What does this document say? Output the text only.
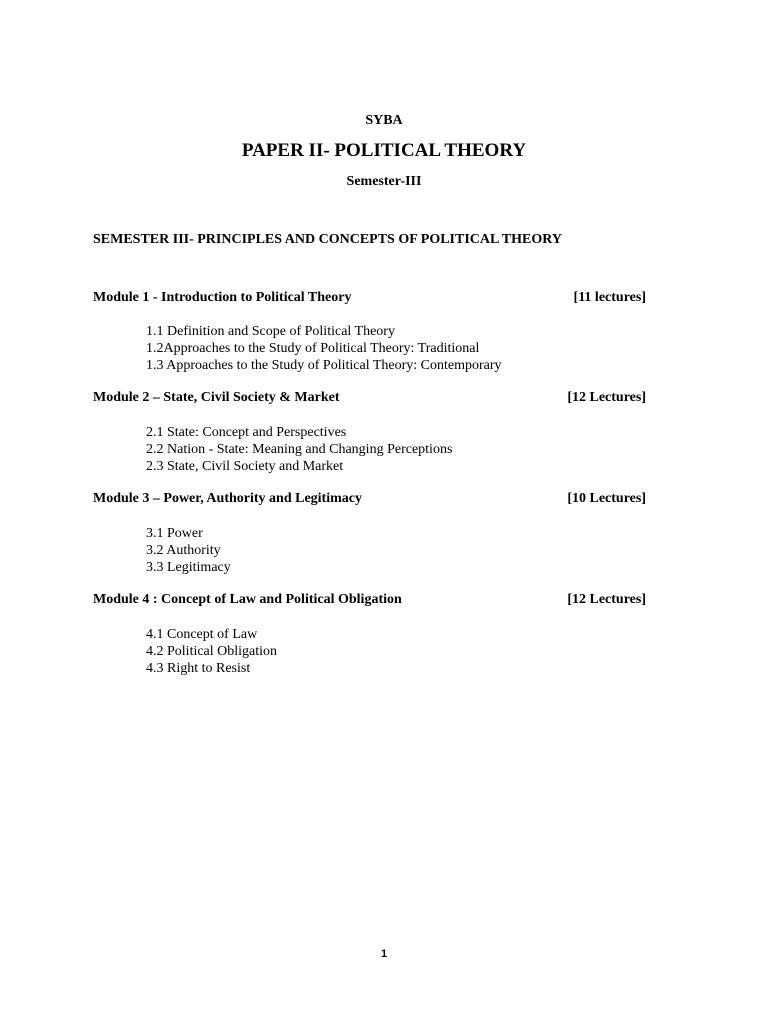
SYBA
PAPER II- POLITICAL THEORY
Semester-III
SEMESTER III- PRINCIPLES AND CONCEPTS OF POLITICAL THEORY
Module 1 - Introduction to Political Theory	[11 lectures]
1.1 Definition and Scope of Political Theory
1.2Approaches to the Study of Political Theory: Traditional
1.3 Approaches to the Study of Political Theory: Contemporary
Module 2 – State, Civil Society & Market	[12 Lectures]
2.1 State: Concept and Perspectives
2.2 Nation - State: Meaning and Changing Perceptions
2.3 State, Civil Society and Market
Module 3 – Power, Authority and Legitimacy	[10 Lectures]
3.1 Power
3.2 Authority
3.3 Legitimacy
Module 4 : Concept of Law and Political Obligation	[12 Lectures]
4.1 Concept of Law
4.2 Political Obligation
4.3 Right to Resist
1
